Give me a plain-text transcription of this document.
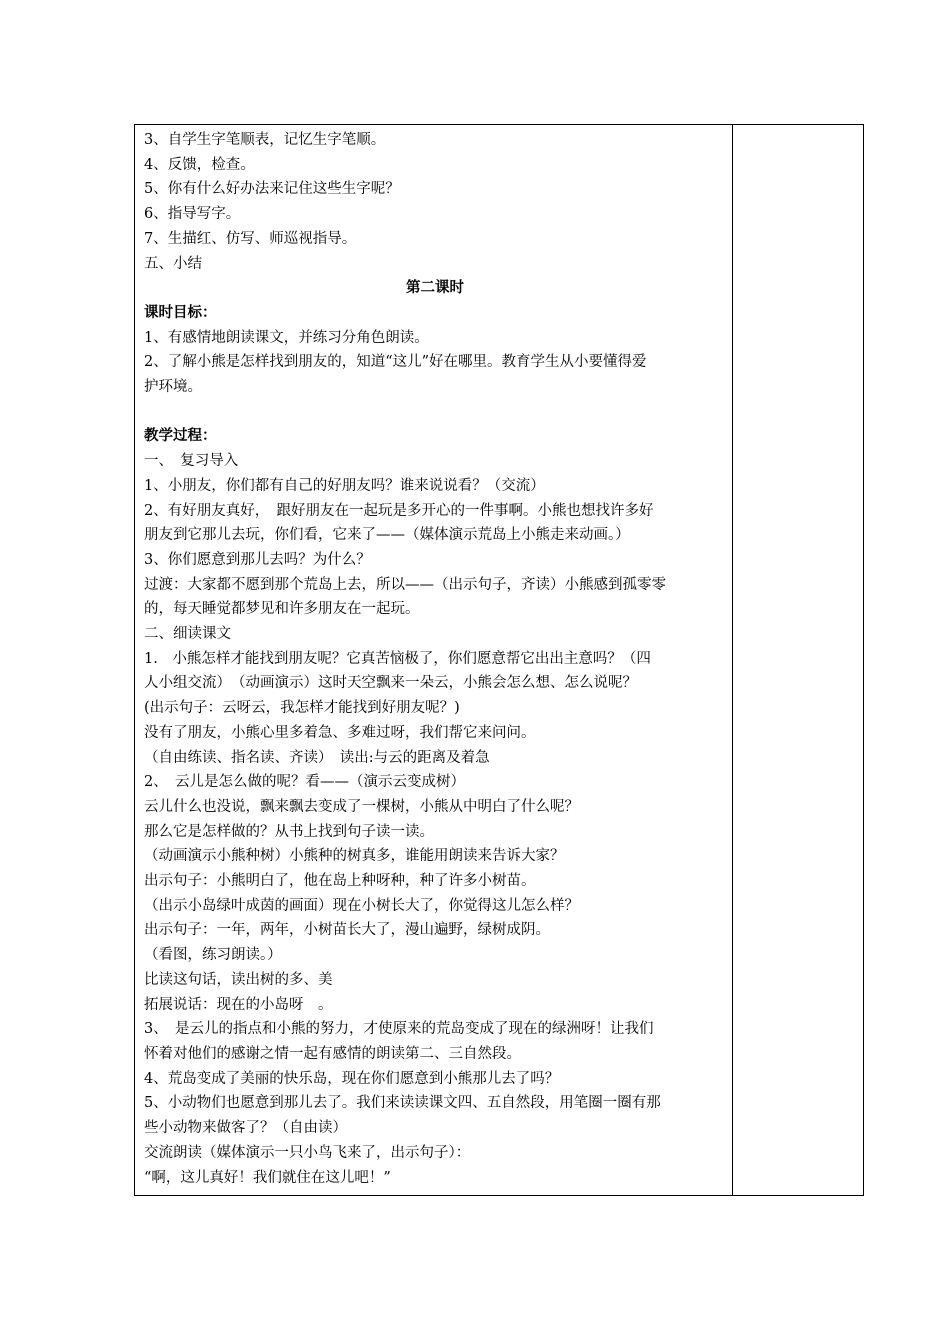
3、自学生字笔顺表，记忆生字笔顺。
4、反馈，检查。
5、你有什么好办法来记住这些生字呢？
6、指导写字。
7、生描红、仿写、师巡视指导。
五、小结
第二课时
课时目标：
1、有感情地朗读课文，并练习分角色朗读。
2、了解小熊是怎样找到朋友的，知道“这儿”好在哪里。教育学生从小要懂得爱
护环境。
教学过程：
一、　复习导入
1、小朋友，你们都有自己的好朋友吗？谁来说说看？（交流）
2、有好朋友真好，　跟好朋友在一起玩是多开心的一件事啊。小熊也想找许多好
朋友到它那儿去玩，你们看，它来了——（媒体演示荒岛上小熊走来动画。）
3、你们愿意到那儿去吗？为什么？
过渡：大家都不愿到那个荒岛上去，所以——（出示句子，齐读）小熊感到孤零零
的，每天睡觉都梦见和许多朋友在一起玩。
二、细读课文
1.　小熊怎样才能找到朋友呢？它真苦恼极了，你们愿意帮它出出主意吗？（四
人小组交流）　（动画演示）这时天空飘来一朵云，小熊会怎么想、怎么说呢？
(出示句子：云呀云，我怎样才能找到好朋友呢？)
没有了朋友，小熊心里多着急、多难过呀，我们帮它来问问。
（自由练读、指名读、齐读）　读出:与云的距离及着急
2、　云儿是怎么做的呢？看——（演示云变成树）
云儿什么也没说，飘来飘去变成了一棵树，小熊从中明白了什么呢？
那么它是怎样做的？从书上找到句子读一读。
（动画演示小熊种树）小熊种的树真多，谁能用朗读来告诉大家？
出示句子：小熊明白了，他在岛上种呀种，种了许多小树苗。
（出示小岛绿叶成茵的画面）现在小树长大了，你觉得这儿怎么样？
出示句子：一年，两年，小树苗长大了，漫山遍野，绿树成阴。
（看图，练习朗读。）
比读这句话，读出树的多、美
拓展说话：现在的小岛呀　。
3、　是云儿的指点和小熊的努力，才使原来的荒岛变成了现在的绿洲呀！让我们
怀着对他们的感谢之情一起有感情的朗读第二、三自然段。
4、荒岛变成了美丽的快乐岛，现在你们愿意到小熊那儿去了吗？
5、小动物们也愿意到那儿去了。我们来读读课文四、五自然段，用笔圈一圈有那
些小动物来做客了？（自由读）
交流朗读（媒体演示一只小鸟飞来了，出示句子）：
“啊，这儿真好！我们就住在这儿吧！”
